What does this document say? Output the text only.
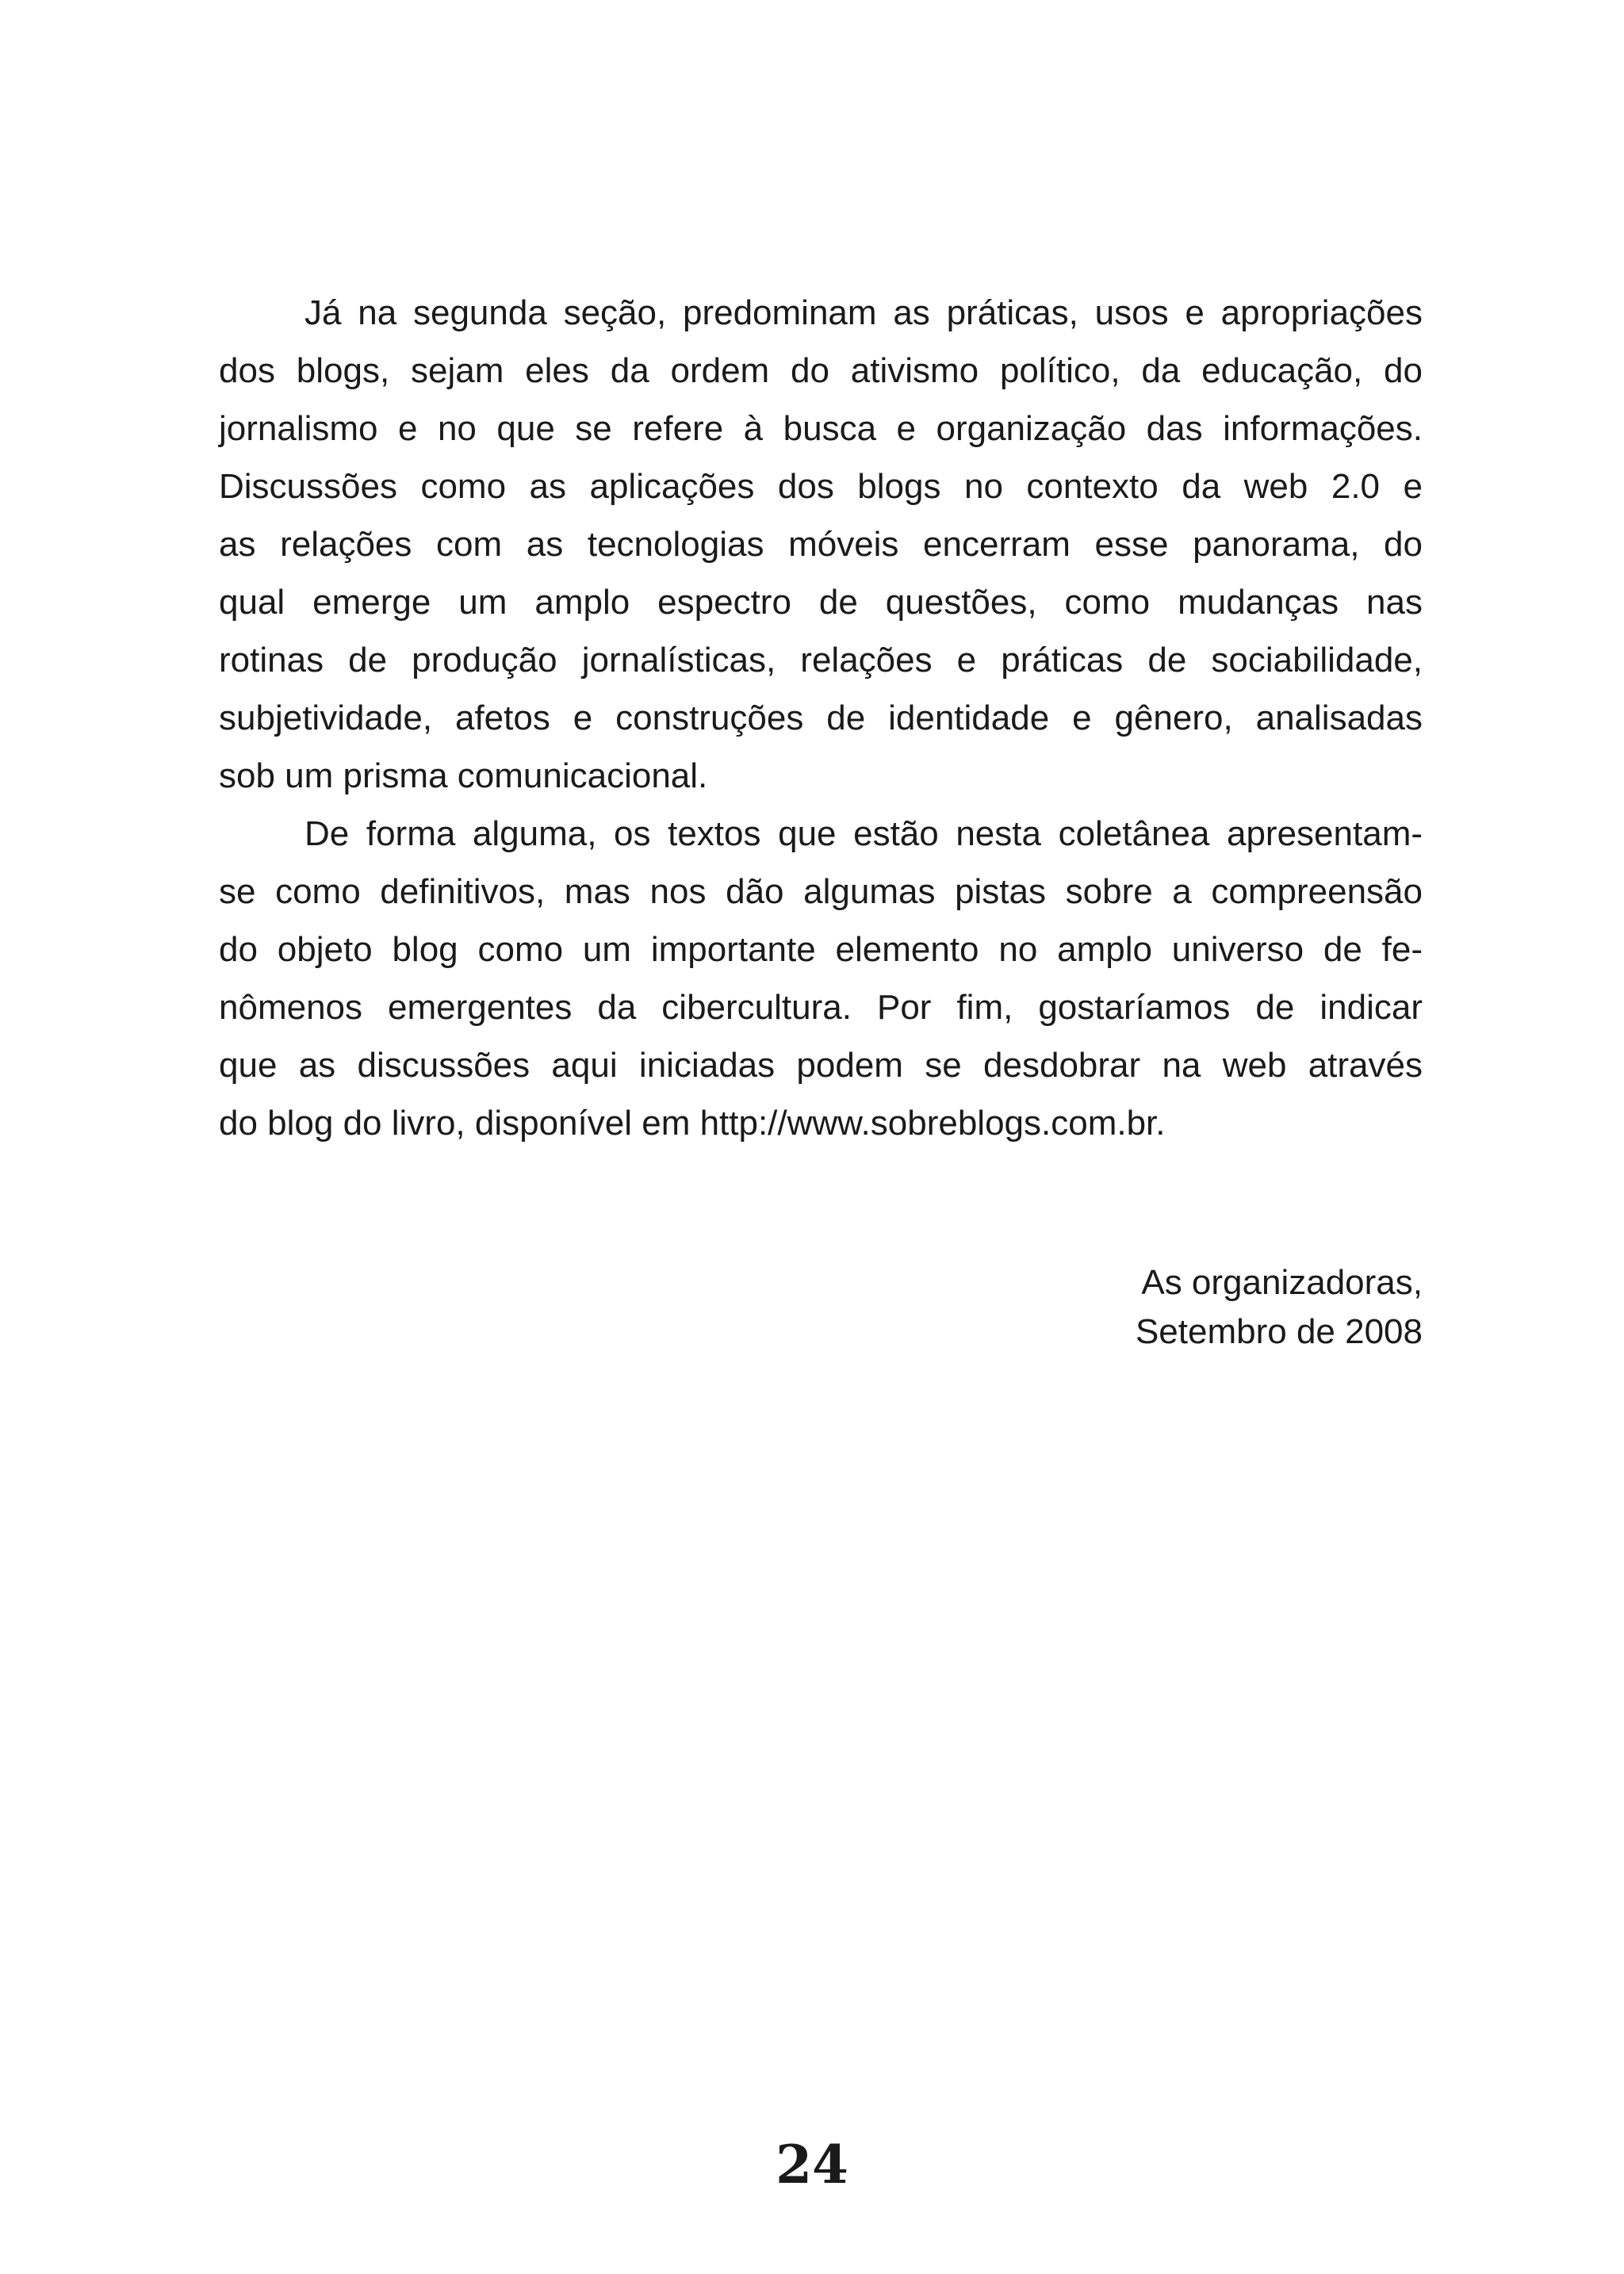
Já na segunda seção, predominam as práticas, usos e apropriações
dos blogs, sejam eles da ordem do ativismo político, da educação, do
jornalismo e no que se refere à busca e organização das informações.
Discussões como as aplicações dos blogs no contexto da web 2.0 e
as relações com as tecnologias móveis encerram esse panorama, do
qual emerge um amplo espectro de questões, como mudanças nas
rotinas de produção jornalísticas, relações e práticas de sociabilidade,
subjetividade, afetos e construções de identidade e gênero, analisadas
sob um prisma comunicacional.
De forma alguma, os textos que estão nesta coletânea apresentam-
se como definitivos, mas nos dão algumas pistas sobre a compreensão
do objeto blog como um importante elemento no amplo universo de fe-
nômenos emergentes da cibercultura. Por fim, gostaríamos de indicar
que as discussões aqui iniciadas podem se desdobrar na web através
do blog do livro, disponível em http://www.sobreblogs.com.br.
As organizadoras,
Setembro de 2008
24
